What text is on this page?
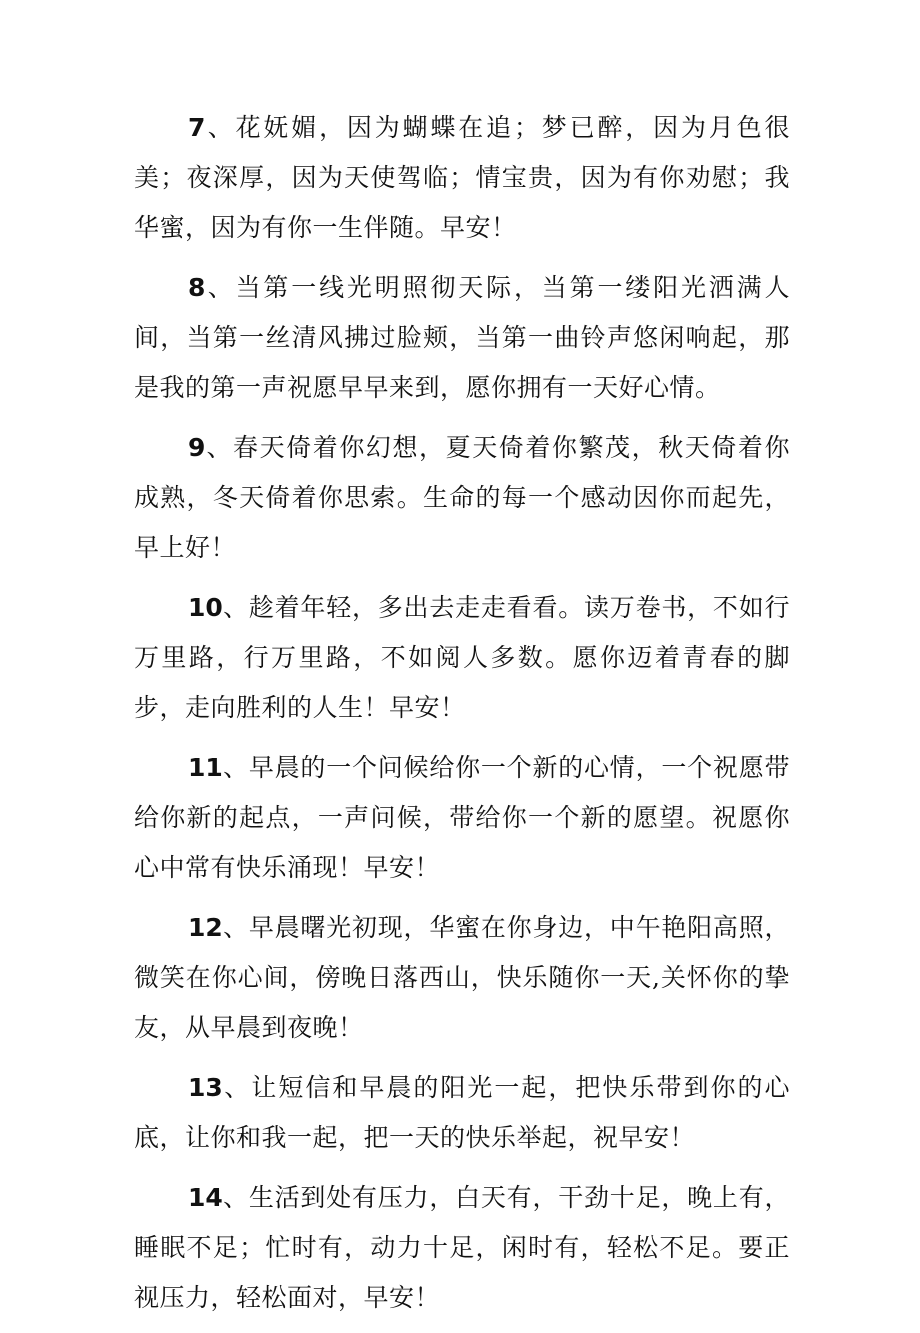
7、花妩媚，因为蝴蝶在追；梦已醉，因为月色很美；夜深厚，因为天使驾临；情宝贵，因为有你劝慰；我华蜜，因为有你一生伴随。早安！

8、当第一线光明照彻天际，当第一缕阳光洒满人间，当第一丝清风拂过脸颊，当第一曲铃声悠闲响起，那是我的第一声祝愿早早来到，愿你拥有一天好心情。

9、春天倚着你幻想，夏天倚着你繁茂，秋天倚着你成熟，冬天倚着你思索。生命的每一个感动因你而起先，早上好！

10、趁着年轻，多出去走走看看。读万卷书，不如行万里路，行万里路，不如阅人多数。愿你迈着青春的脚步，走向胜利的人生！早安！

11、早晨的一个问候给你一个新的心情，一个祝愿带给你新的起点，一声问候，带给你一个新的愿望。祝愿你心中常有快乐涌现！早安！

12、早晨曙光初现，华蜜在你身边，中午艳阳高照，微笑在你心间，傍晚日落西山，快乐随你一天,关怀你的挚友，从早晨到夜晚！

13、让短信和早晨的阳光一起，把快乐带到你的心底，让你和我一起，把一天的快乐举起，祝早安！

14、生活到处有压力，白天有，干劲十足，晚上有，睡眠不足；忙时有，动力十足，闲时有，轻松不足。要正视压力，轻松面对，早安！
